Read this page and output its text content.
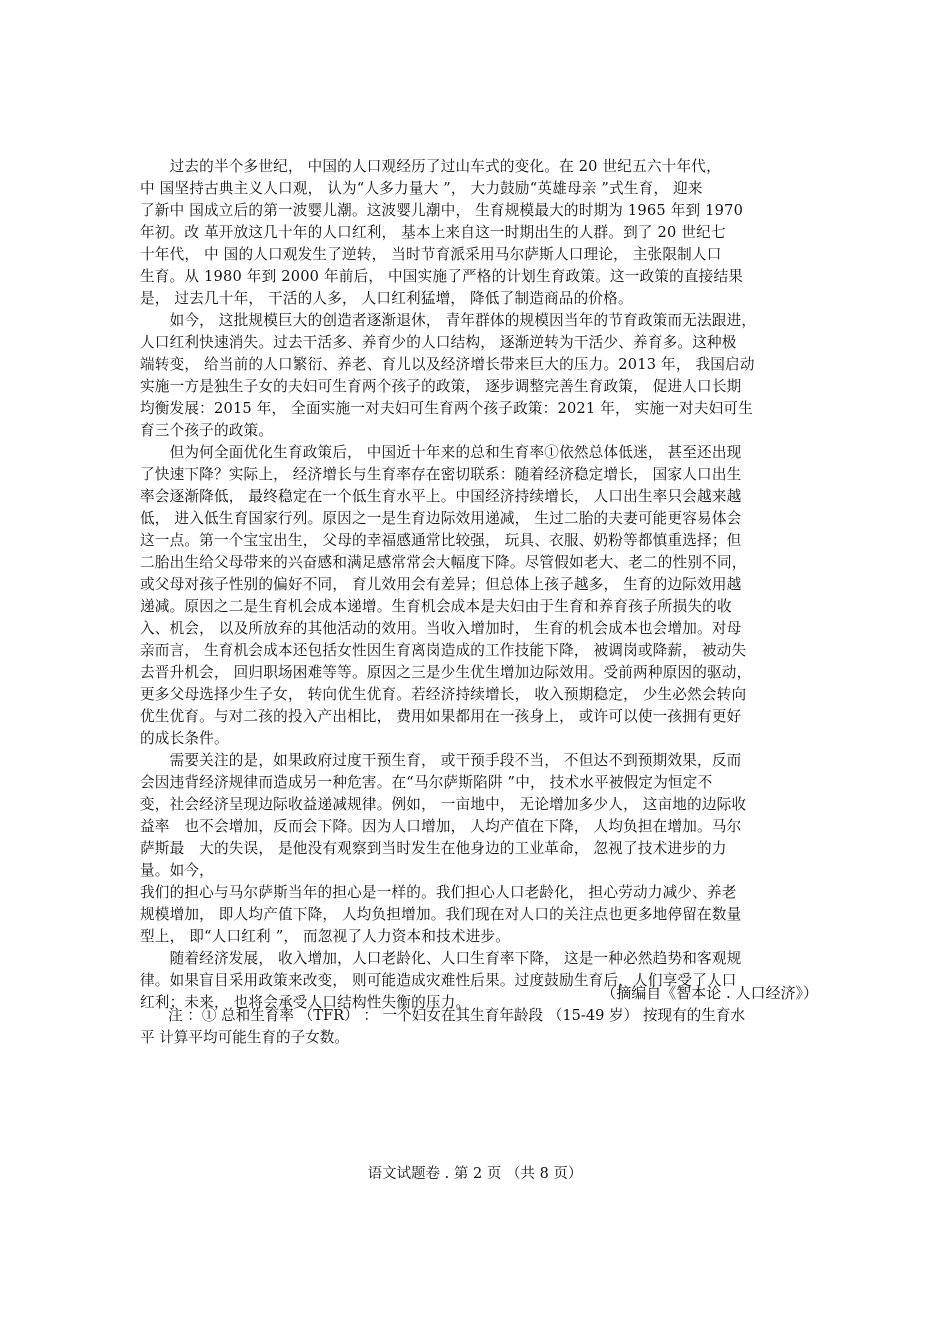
　　过去的半个多世纪， 中国的人口观经历了过山车式的变化。在 20 世纪五六十年代，
中 国坚持古典主义人口观， 认为“人多力量大 ”， 大力鼓励“英雄母亲 ”式生育， 迎来
了新中 国成立后的第一波婴儿潮。这波婴儿潮中， 生育规模最大的时期为 1965 年到 1970
年初。改 革开放这几十年的人口红利， 基本上来自这一时期出生的人群。到了 20 世纪七
十年代， 中 国的人口观发生了逆转， 当时节育派采用马尔萨斯人口理论， 主张限制人口
生育。从 1980 年到 2000 年前后， 中国实施了严格的计划生育政策。这一政策的直接结果
是， 过去几十年， 干活的人多， 人口红利猛增， 降低了制造商品的价格。
　　如今， 这批规模巨大的创造者逐渐退休， 青年群体的规模因当年的节育政策而无法跟进，
人口红利快速消失。过去干活多、养育少的人口结构， 逐渐逆转为干活少、养育多。这种极
端转变， 给当前的人口繁衍、养老、育儿以及经济增长带来巨大的压力。2013 年， 我国启动
实施一方是独生子女的夫妇可生育两个孩子的政策， 逐步调整完善生育政策， 促进人口长期
均衡发展：2015 年， 全面实施一对夫妇可生育两个孩子政策：2021 年， 实施一对夫妇可生
育三个孩子的政策。
　　但为何全面优化生育政策后， 中国近十年来的总和生育率①依然总体低迷， 甚至还出现
了快速下降？实际上， 经济增长与生育率存在密切联系：随着经济稳定增长， 国家人口出生
率会逐渐降低， 最终稳定在一个低生育水平上。中国经济持续增长， 人口出生率只会越来越
低， 进入低生育国家行列。原因之一是生育边际效用递减， 生过二胎的夫妻可能更容易体会
这一点。第一个宝宝出生， 父母的幸福感通常比较强， 玩具、衣服、奶粉等都慎重选择；但
二胎出生给父母带来的兴奋感和满足感常常会大幅度下降。尽管假如老大、老二的性别不同，
或父母对孩子性别的偏好不同， 育儿效用会有差异；但总体上孩子越多， 生育的边际效用越
递减。原因之二是生育机会成本递增。生育机会成本是夫妇由于生育和养育孩子所损失的收
入、机会， 以及所放弃的其他活动的效用。当收入增加时， 生育的机会成本也会增加。对母
亲而言， 生育机会成本还包括女性因生育离岗造成的工作技能下降， 被调岗或降薪， 被动失
去晋升机会， 回归职场困难等等。原因之三是少生优生增加边际效用。受前两种原因的驱动，
更多父母选择少生子女， 转向优生优育。若经济持续增长， 收入预期稳定， 少生必然会转向
优生优育。与对二孩的投入产出相比， 费用如果都用在一孩身上， 或许可以使一孩拥有更好
的成长条件。
　　需要关注的是，如果政府过度干预生育， 或干预手段不当， 不但达不到预期效果，反而
会因违背经济规律而造成另一种危害。在“马尔萨斯陷阱 ”中， 技术水平被假定为恒定不
变，社会经济呈现边际收益递减规律。例如， 一亩地中， 无论增加多少人， 这亩地的边际收
益率　也不会增加，反而会下降。因为人口增加， 人均产值在下降， 人均负担在增加。马尔
萨斯最　大的失误， 是他没有观察到当时发生在他身边的工业革命， 忽视了技术进步的力
量。如今，
我们的担心与马尔萨斯当年的担心是一样的。我们担心人口老龄化， 担心劳动力减少、养老
规模增加， 即人均产值下降， 人均负担增加。我们现在对人口的关注点也更多地停留在数量
型上， 即“人口红利 ”， 而忽视了人力资本和技术进步。
　　随着经济发展， 收入增加，人口老龄化、人口生育率下降， 这是一种必然趋势和客观规
律。如果盲目采用政策来改变， 则可能造成灾难性后果。过度鼓励生育后，人们享受了人口
红利；未来， 也将会承受人口结构性失衡的压力。
（摘编自《智本论 . 人口经济》）
注 ：① 总和生育率 （TFR） ： 一个妇女在其生育年龄段 （15-49 岁） 按现有的生育水
平 计算平均可能生育的子女数。
语文试题卷 . 第 2 页 （共 8 页）
